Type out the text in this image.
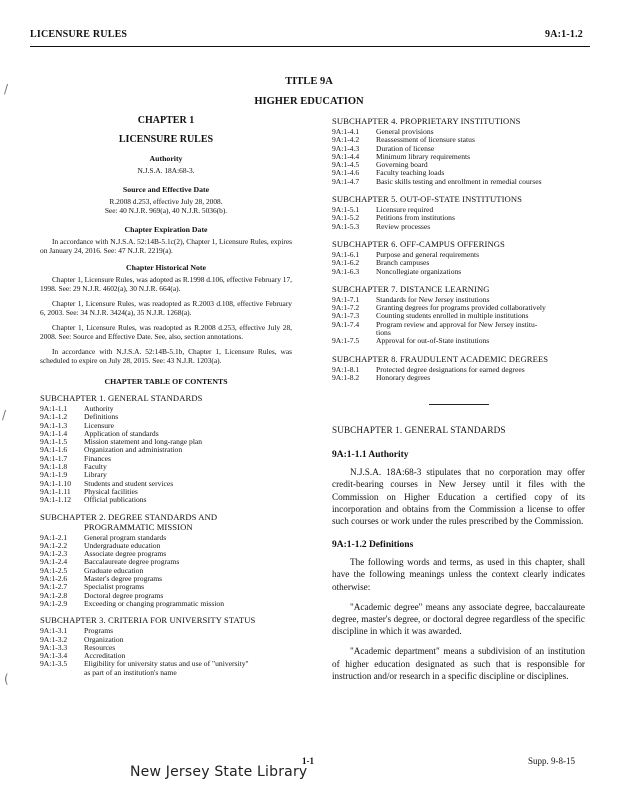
LICENSURE RULES	9A:1-1.2
/
/
(
TITLE 9A
HIGHER EDUCATION
CHAPTER 1
LICENSURE RULES
Authority
N.J.S.A. 18A:68-3.
Source and Effective Date
R.2008 d.253, effective July 28, 2008.
See: 40 N.J.R. 969(a), 40 N.J.R. 5036(b).
Chapter Expiration Date

In accordance with N.J.S.A. 52:14B-5.1c(2), Chapter 1, Licensure Rules, expires on January 24, 2016. See: 47 N.J.R. 2219(a).

Chapter Historical Note

Chapter 1, Licensure Rules, was adopted as R.1998 d.106, effective February 17, 1998. See: 29 N.J.R. 4602(a), 30 N.J.R. 664(a).

Chapter 1, Licensure Rules, was readopted as R.2003 d.108, effective February 6, 2003. See: 34 N.J.R. 3424(a), 35 N.J.R. 1268(a).

Chapter 1, Licensure Rules, was readopted as R.2008 d.253, effective July 28, 2008. See: Source and Effective Date. See, also, section annotations.

In accordance with N.J.S.A. 52:14B-5.1b, Chapter 1, Licensure Rules, was scheduled to expire on July 28, 2015. See: 43 N.J.R. 1203(a).

CHAPTER TABLE OF CONTENTS
SUBCHAPTER 1. GENERAL STANDARDS
9A:1-1.1	Authority
9A:1-1.2	Definitions
9A:1-1.3	Licensure
9A:1-1.4	Application of standards
9A:1-1.5	Mission statement and long-range plan
9A:1-1.6	Organization and administration
9A:1-1.7	Finances
9A:1-1.8	Faculty
9A:1-1.9	Library
9A:1-1.10	Students and student services
9A:1-1.11	Physical facilities
9A:1-1.12	Official publications
SUBCHAPTER 2. DEGREE STANDARDS AND
PROGRAMMATIC MISSION
9A:1-2.1	General program standards
9A:1-2.2	Undergraduate education
9A:1-2.3	Associate degree programs
9A:1-2.4	Baccalaureate degree programs
9A:1-2.5	Graduate education
9A:1-2.6	Master's degree programs
9A:1-2.7	Specialist programs
9A:1-2.8	Doctoral degree programs
9A:1-2.9	Exceeding or changing programmatic mission
SUBCHAPTER 3. CRITERIA FOR UNIVERSITY STATUS
9A:1-3.1	Programs
9A:1-3.2	Organization
9A:1-3.3	Resources
9A:1-3.4	Accreditation
9A:1-3.5	Eligibility for university status and use of "university"
as part of an institution's name
SUBCHAPTER 4. PROPRIETARY INSTITUTIONS
9A:1-4.1	General provisions
9A:1-4.2	Reassessment of licensure status
9A:1-4.3	Duration of license
9A:1-4.4	Minimum library requirements
9A:1-4.5	Governing board
9A:1-4.6	Faculty teaching loads
9A:1-4.7	Basic skills testing and enrollment in remedial courses
SUBCHAPTER 5. OUT-OF-STATE INSTITUTIONS
9A:1-5.1	Licensure required
9A:1-5.2	Petitions from institutions
9A:1-5.3	Review processes
SUBCHAPTER 6. OFF-CAMPUS OFFERINGS
9A:1-6.1	Purpose and general requirements
9A:1-6.2	Branch campuses
9A:1-6.3	Noncollegiate organizations
SUBCHAPTER 7. DISTANCE LEARNING
9A:1-7.1	Standards for New Jersey institutions
9A:1-7.2	Granting degrees for programs provided collaboratively
9A:1-7.3	Counting students enrolled in multiple institutions
9A:1-7.4	Program review and approval for New Jersey institu-
tions
9A:1-7.5	Approval for out-of-State institutions
SUBCHAPTER 8. FRAUDULENT ACADEMIC DEGREES
9A:1-8.1	Protected degree designations for earned degrees
9A:1-8.2	Honorary degrees
SUBCHAPTER 1. GENERAL STANDARDS
9A:1-1.1 Authority

N.J.S.A. 18A:68-3 stipulates that no corporation may offer credit-bearing courses in New Jersey until it files with the Commission on Higher Education a certified copy of its incorporation and obtains from the Commission a license to offer such courses or work under the rules prescribed by the Commission.

9A:1-1.2 Definitions

The following words and terms, as used in this chapter, shall have the following meanings unless the context clearly indicates otherwise:

"Academic degree" means any associate degree, baccalaureate degree, master's degree, or doctoral degree regardless of the specific discipline in which it was awarded.

"Academic department" means a subdivision of an institution of higher education designated as such that is responsible for instruction and/or research in a specific discipline or disciplines.

1-1	Supp. 9-8-15
New Jersey State Library
